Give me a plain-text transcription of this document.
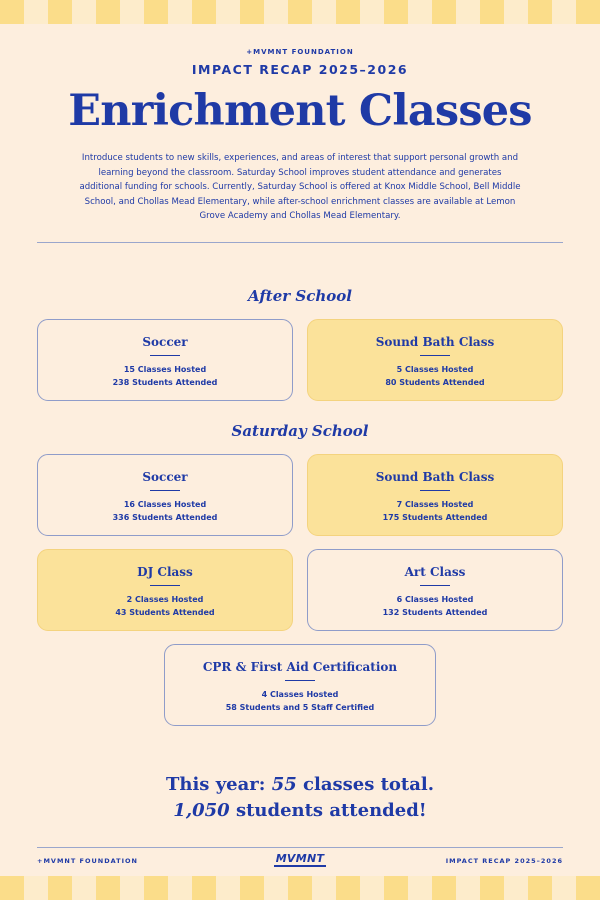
+MVMNT FOUNDATION
IMPACT RECAP 2025–2026
Enrichment Classes
Introduce students to new skills, experiences, and areas of interest that support personal growth and learning beyond the classroom. Saturday School improves student attendance and generates additional funding for schools. Currently, Saturday School is offered at Knox Middle School, Bell Middle School, and Chollas Mead Elementary, while after-school enrichment classes are available at Lemon Grove Academy and Chollas Mead Elementary.
After School
Soccer
15 Classes Hosted
238 Students Attended
Sound Bath Class
5 Classes Hosted
80 Students Attended
Saturday School
Soccer
16 Classes Hosted
336 Students Attended
Sound Bath Class
7 Classes Hosted
175 Students Attended
DJ Class
2 Classes Hosted
43 Students Attended
Art Class
6 Classes Hosted
132 Students Attended
CPR & First Aid Certification
4 Classes Hosted
58 Students and 5 Staff Certified
This year: 55 classes total.
1,050 students attended!
+MVMNT FOUNDATION	MVMNT	IMPACT RECAP 2025–2026
